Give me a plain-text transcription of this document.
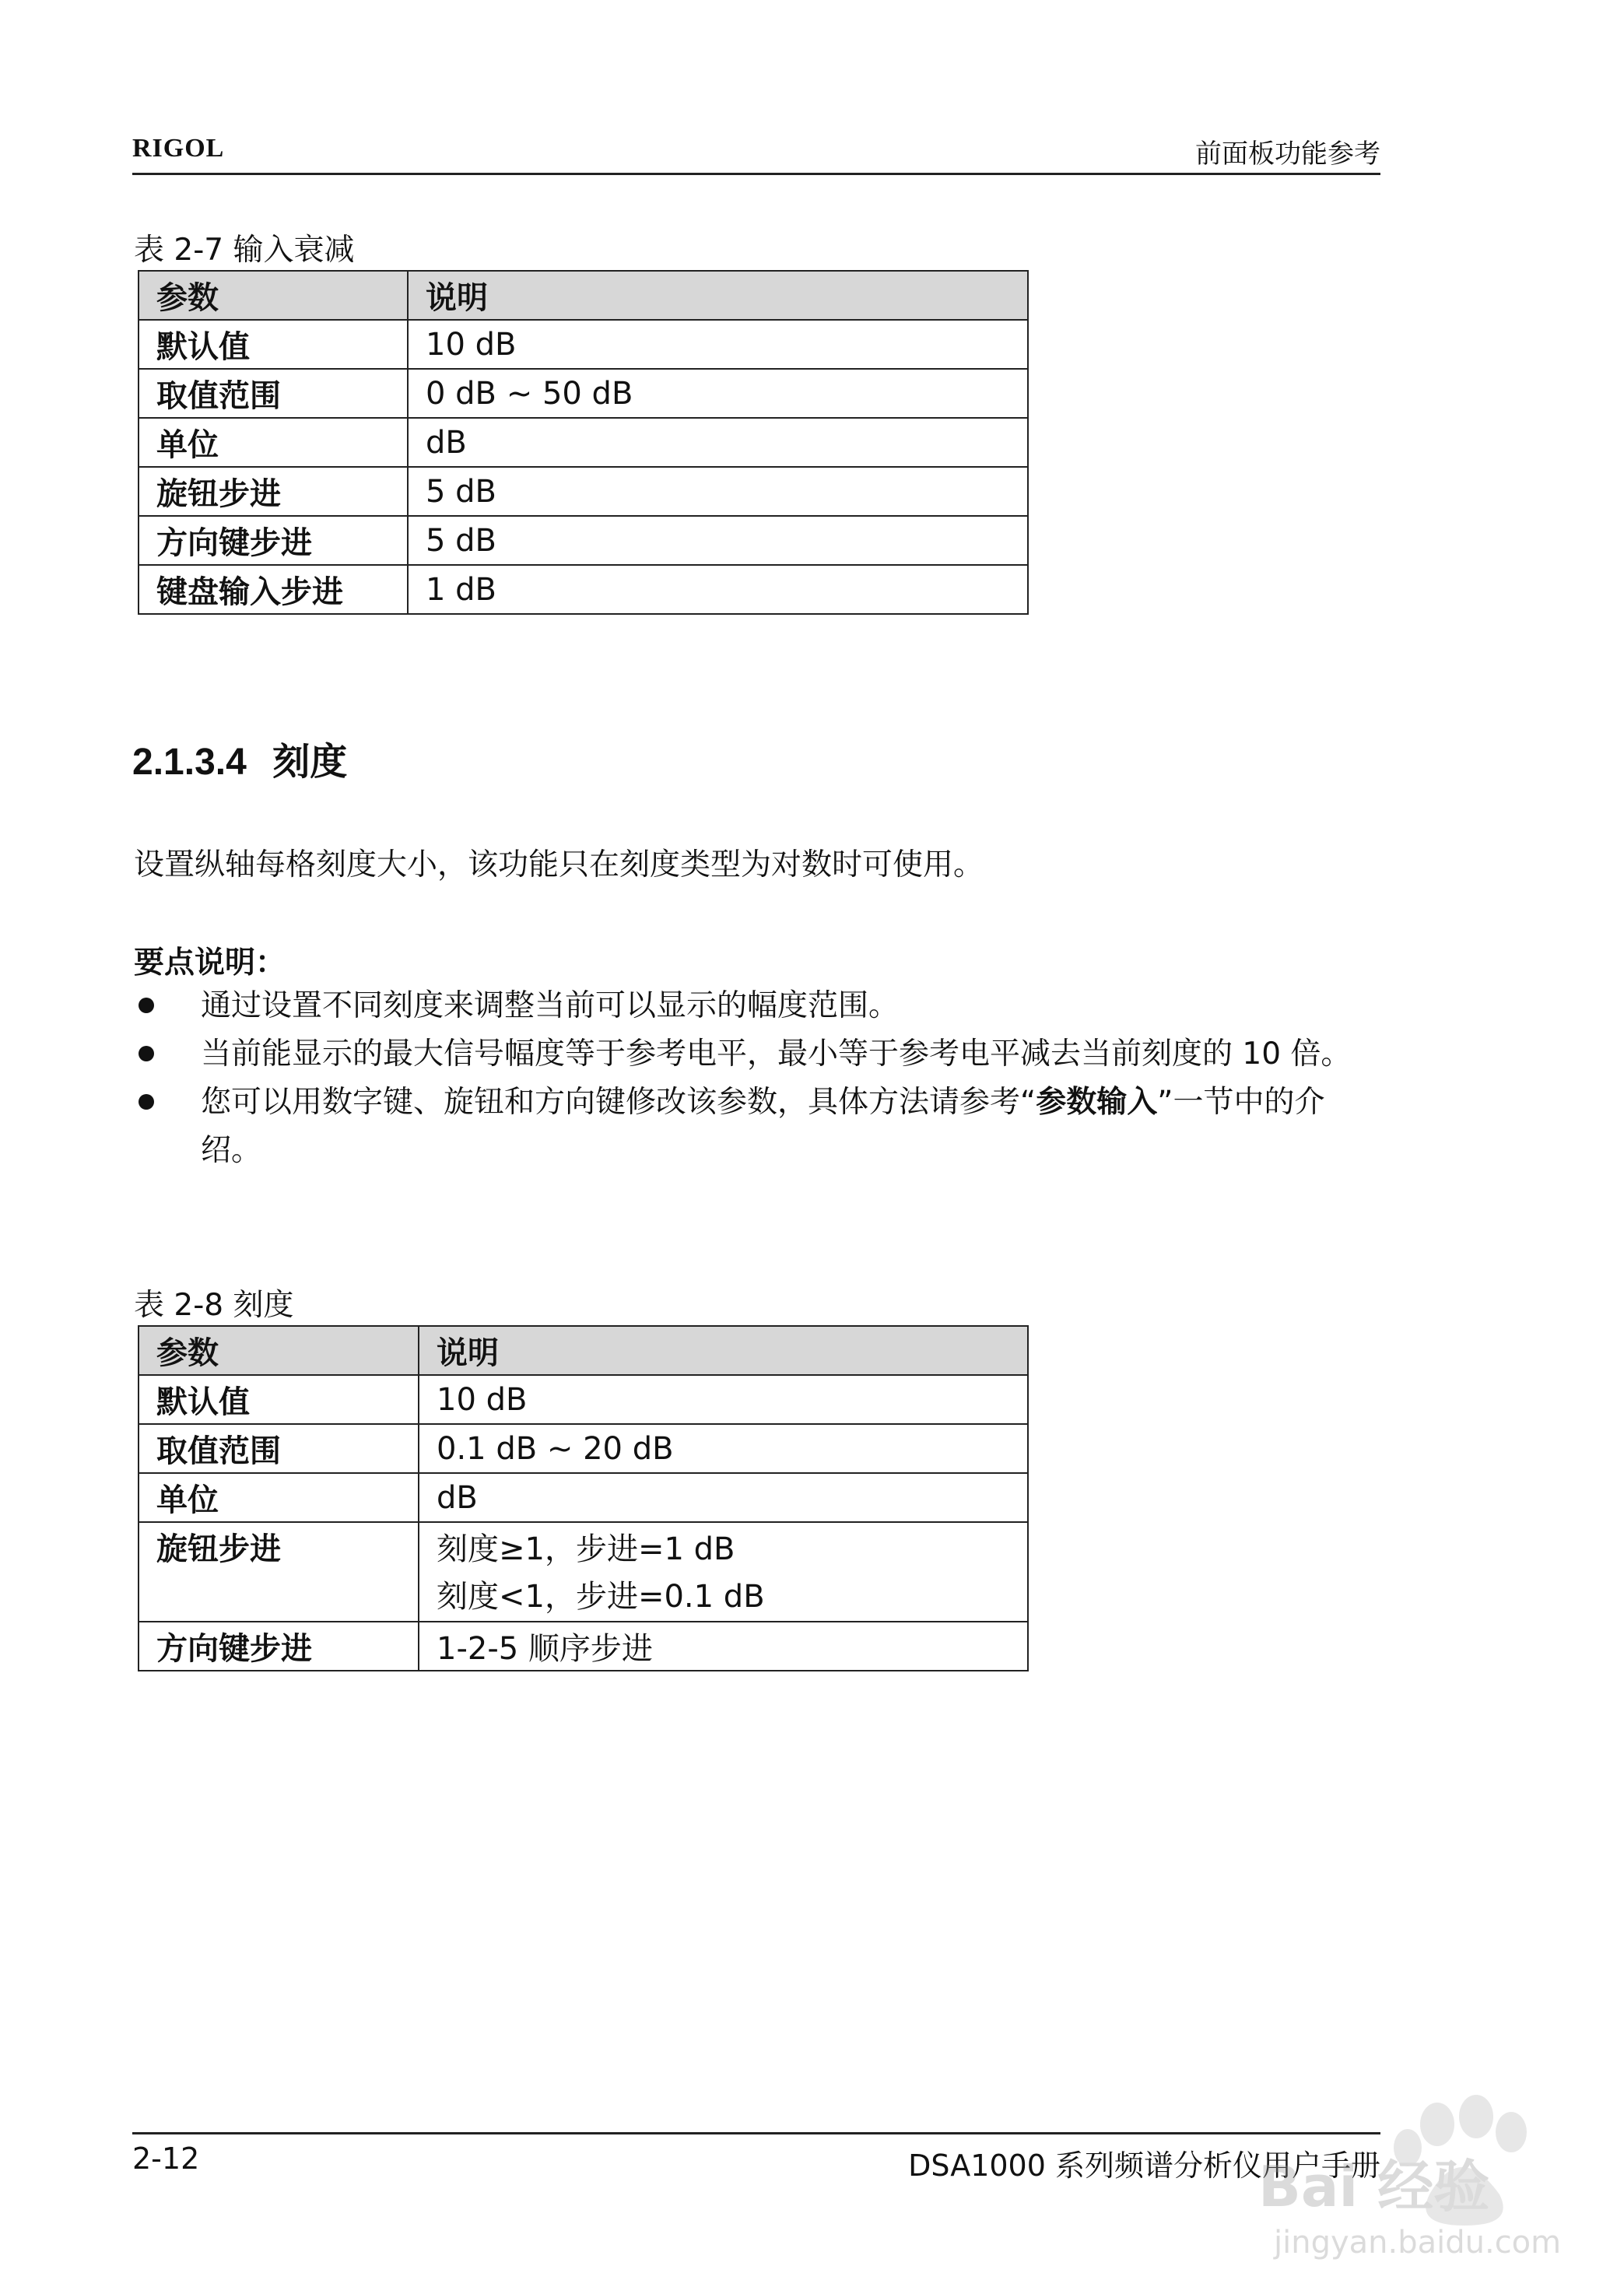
RIGOL	前面板功能参考
表 2-7 输入衰减
参数	说明
默认值	10 dB
取值范围	0 dB ~ 50 dB
单位	dB
旋钮步进	5 dB
方向键步进	5 dB
键盘输入步进	1 dB
2.1.3.4 刻度
设置纵轴每格刻度大小，该功能只在刻度类型为对数时可使用。
要点说明：
通过设置不同刻度来调整当前可以显示的幅度范围。
当前能显示的最大信号幅度等于参考电平，最小等于参考电平减去当前刻度的 10 倍。
您可以用数字键、旋钮和方向键修改该参数，具体方法请参考“参数输入”一节中的介绍。
表 2-8 刻度
参数	说明
默认值	10 dB
取值范围	0.1 dB ~ 20 dB
单位	dB
旋钮步进	刻度≥1，步进=1 dB
刻度<1，步进=0.1 dB

方向键步进	1-2-5 顺序步进
2-12	DSA1000 系列频谱分析仪用户手册
Bai 经验
jingyan.baidu.com
